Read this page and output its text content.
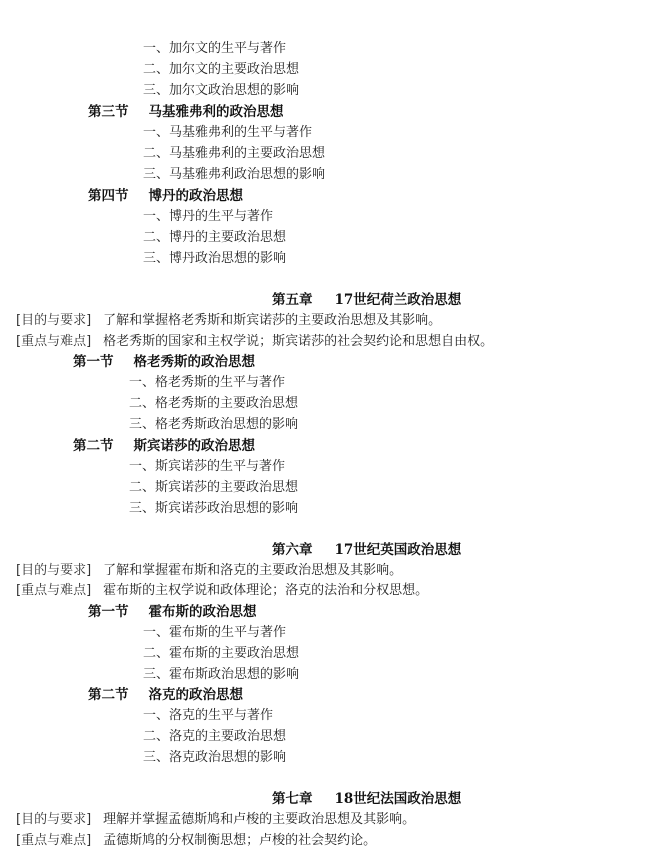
一、加尔文的生平与著作
二、加尔文的主要政治思想
三、加尔文政治思想的影响
第三节 马基雅弗利的政治思想
一、马基雅弗利的生平与著作
二、马基雅弗利的主要政治思想
三、马基雅弗利政治思想的影响
第四节 博丹的政治思想
一、博丹的生平与著作
二、博丹的主要政治思想
三、博丹政治思想的影响
第五章 17世纪荷兰政治思想
[目的与要求] 了解和掌握格老秀斯和斯宾诺莎的主要政治思想及其影响。
[重点与难点] 格老秀斯的国家和主权学说；斯宾诺莎的社会契约论和思想自由权。
第一节 格老秀斯的政治思想
一、格老秀斯的生平与著作
二、格老秀斯的主要政治思想
三、格老秀斯政治思想的影响
第二节 斯宾诺莎的政治思想
一、斯宾诺莎的生平与著作
二、斯宾诺莎的主要政治思想
三、斯宾诺莎政治思想的影响
第六章 17世纪英国政治思想
[目的与要求] 了解和掌握霍布斯和洛克的主要政治思想及其影响。
[重点与难点] 霍布斯的主权学说和政体理论；洛克的法治和分权思想。
第一节 霍布斯的政治思想
一、霍布斯的生平与著作
二、霍布斯的主要政治思想
三、霍布斯政治思想的影响
第二节 洛克的政治思想
一、洛克的生平与著作
二、洛克的主要政治思想
三、洛克政治思想的影响
第七章 18世纪法国政治思想
[目的与要求] 理解并掌握孟德斯鸠和卢梭的主要政治思想及其影响。
[重点与难点] 孟德斯鸠的分权制衡思想；卢梭的社会契约论。
